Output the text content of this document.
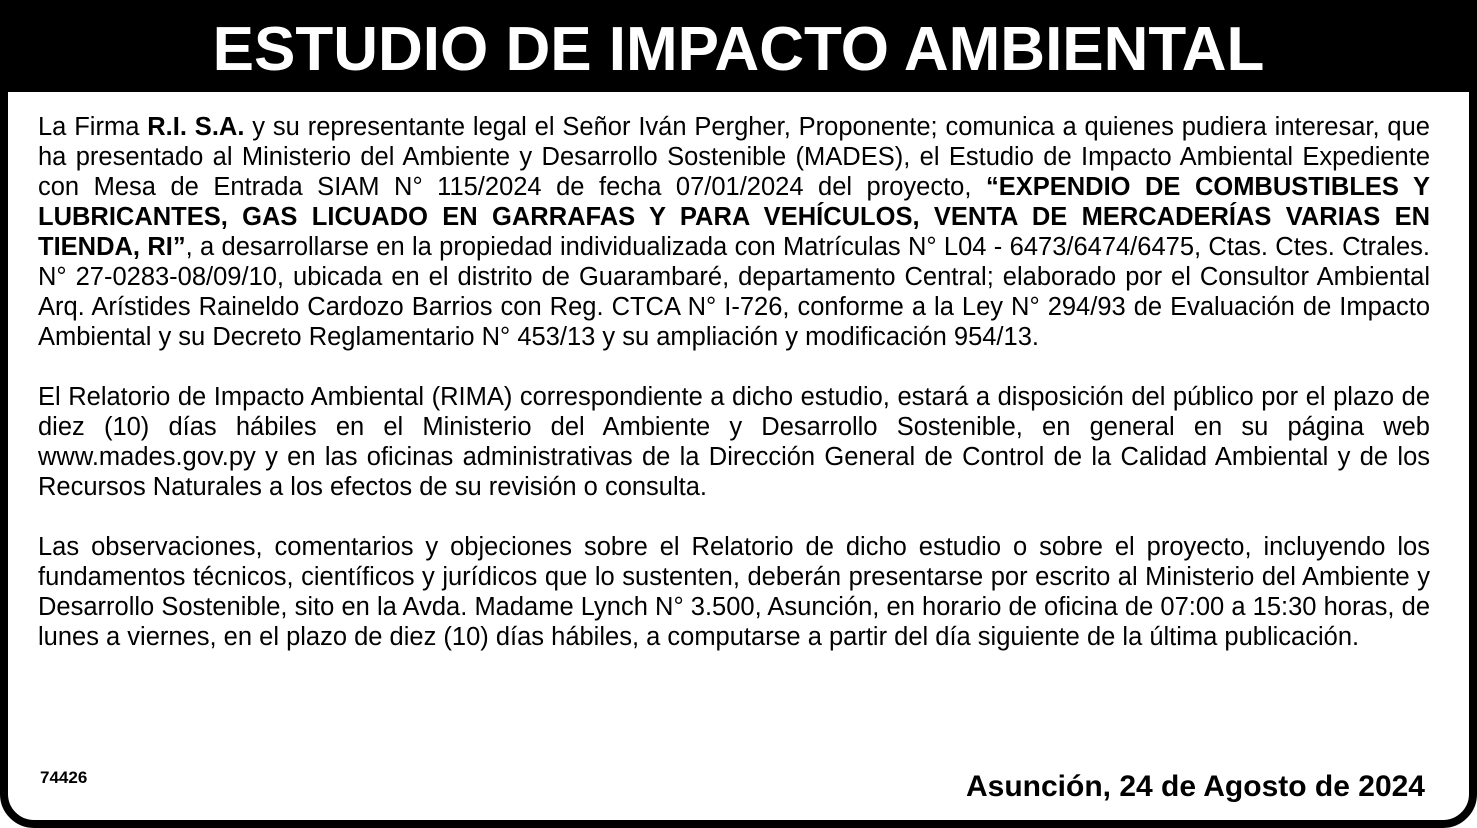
ESTUDIO DE IMPACTO AMBIENTAL

La Firma R.I. S.A. y su representante legal el Señor Iván Pergher, Proponente; comunica a quienes pudiera interesar, que ha presentado al Ministerio del Ambiente y Desarrollo Sostenible (MADES), el Estudio de Impacto Ambiental Expediente con Mesa de Entrada SIAM N° 115/2024 de fecha 07/01/2024 del proyecto, “EXPENDIO DE COMBUSTIBLES Y LUBRICANTES, GAS LICUADO EN GARRAFAS Y PARA VEHÍCULOS, VENTA DE MERCADERÍAS VARIAS EN TIENDA, RI”, a desarrollarse en la propiedad individualizada con Matrículas N° L04 - 6473/6474/6475, Ctas. Ctes. Ctrales. N° 27-0283-08/09/10, ubicada en el distrito de Guarambaré, departamento Central; elaborado por el Consultor Ambiental Arq. Arístides Raineldo Cardozo Barrios con Reg. CTCA N° I-726, conforme a la Ley N° 294/93 de Evaluación de Impacto Ambiental y su Decreto Reglamentario N° 453/13 y su ampliación y modificación 954/13.

El Relatorio de Impacto Ambiental (RIMA) correspondiente a dicho estudio, estará a disposición del público por el plazo de diez (10) días hábiles en el Ministerio del Ambiente y Desarrollo Sostenible, en general en su página web www.mades.gov.py y en las oficinas administrativas de la Dirección General de Control de la Calidad Ambiental y de los Recursos Naturales a los efectos de su revisión o consulta.

Las observaciones, comentarios y objeciones sobre el Relatorio de dicho estudio o sobre el proyecto, incluyendo los fundamentos técnicos, científicos y jurídicos que lo sustenten, deberán presentarse por escrito al Ministerio del Ambiente y Desarrollo Sostenible, sito en la Avda. Madame Lynch N° 3.500, Asunción, en horario de oficina de 07:00 a 15:30 horas, de lunes a viernes, en el plazo de diez (10) días hábiles, a computarse a partir del día siguiente de la última publicación.

74426	Asunción, 24 de Agosto de 2024
